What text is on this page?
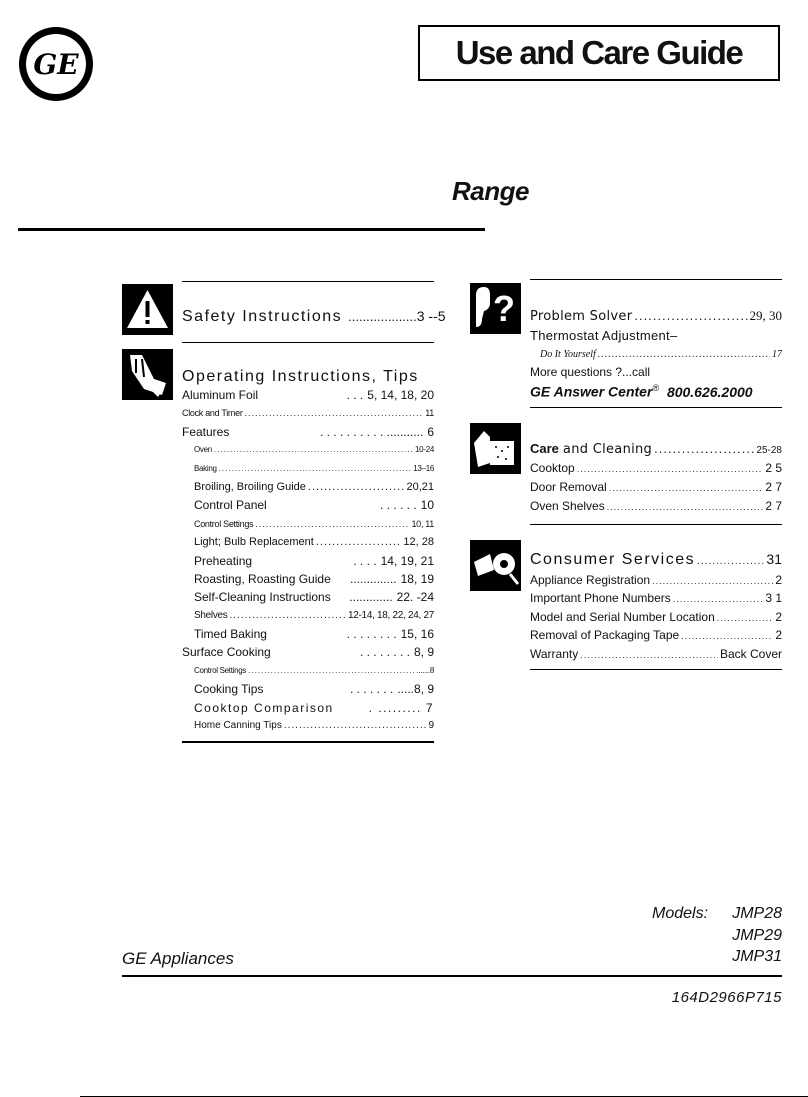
GE	Use and Care Guide
Range
Safety Instructions ................... 3 --5
Operating Instructions, Tips
Aluminum Foil	. . . 5, 14, 18, 20
Clock and Timer .....	11
Features	. . . . . . . . . . ........... 6
Oven .....	10-24
Baking .....	13–16
Broiling, Broiling Guide .....	20,21
Control Panel	. . . . . . 10
Control Settings .....	10, 11
Light; Bulb Replacement .....	12, 28
Preheating	. . . . 14, 19, 21
Roasting, Roasting Guide	.............. 18, 19
Self-Cleaning Instructions	............. 22. -24
Shelves .....	12-14, 18, 22, 24, 27
Timed Baking	. . . . . . . . 15, 16
Surface Cooking	. . . . . . . . 8, 9
Control Settings .....	.......8
Cooking Tips	. . . . . . . .....8, 9
Cooktop Comparison	. ......... 7
Home Canning Tips .....	9
? Problem Solver .....	29, 30
Thermostat Adjustment–
Do It Yourself .....	17
More questions ?...call
GE Answer Center® 800.626.2000
Care and Cleaning .....	25-28
Cooktop .....	2 5
Door Removal .....	2 7
Oven Shelves .....	2 7
Consumer Services .....	31
Appliance Registration .....	2
Important Phone Numbers .....	3 1
Model and Serial Number Location .....	2
Removal of Packaging Tape .....	2
Warranty .....	Back Cover
Models: JMP28
JMP29
JMP31
GE Appliances
164D2966P715
